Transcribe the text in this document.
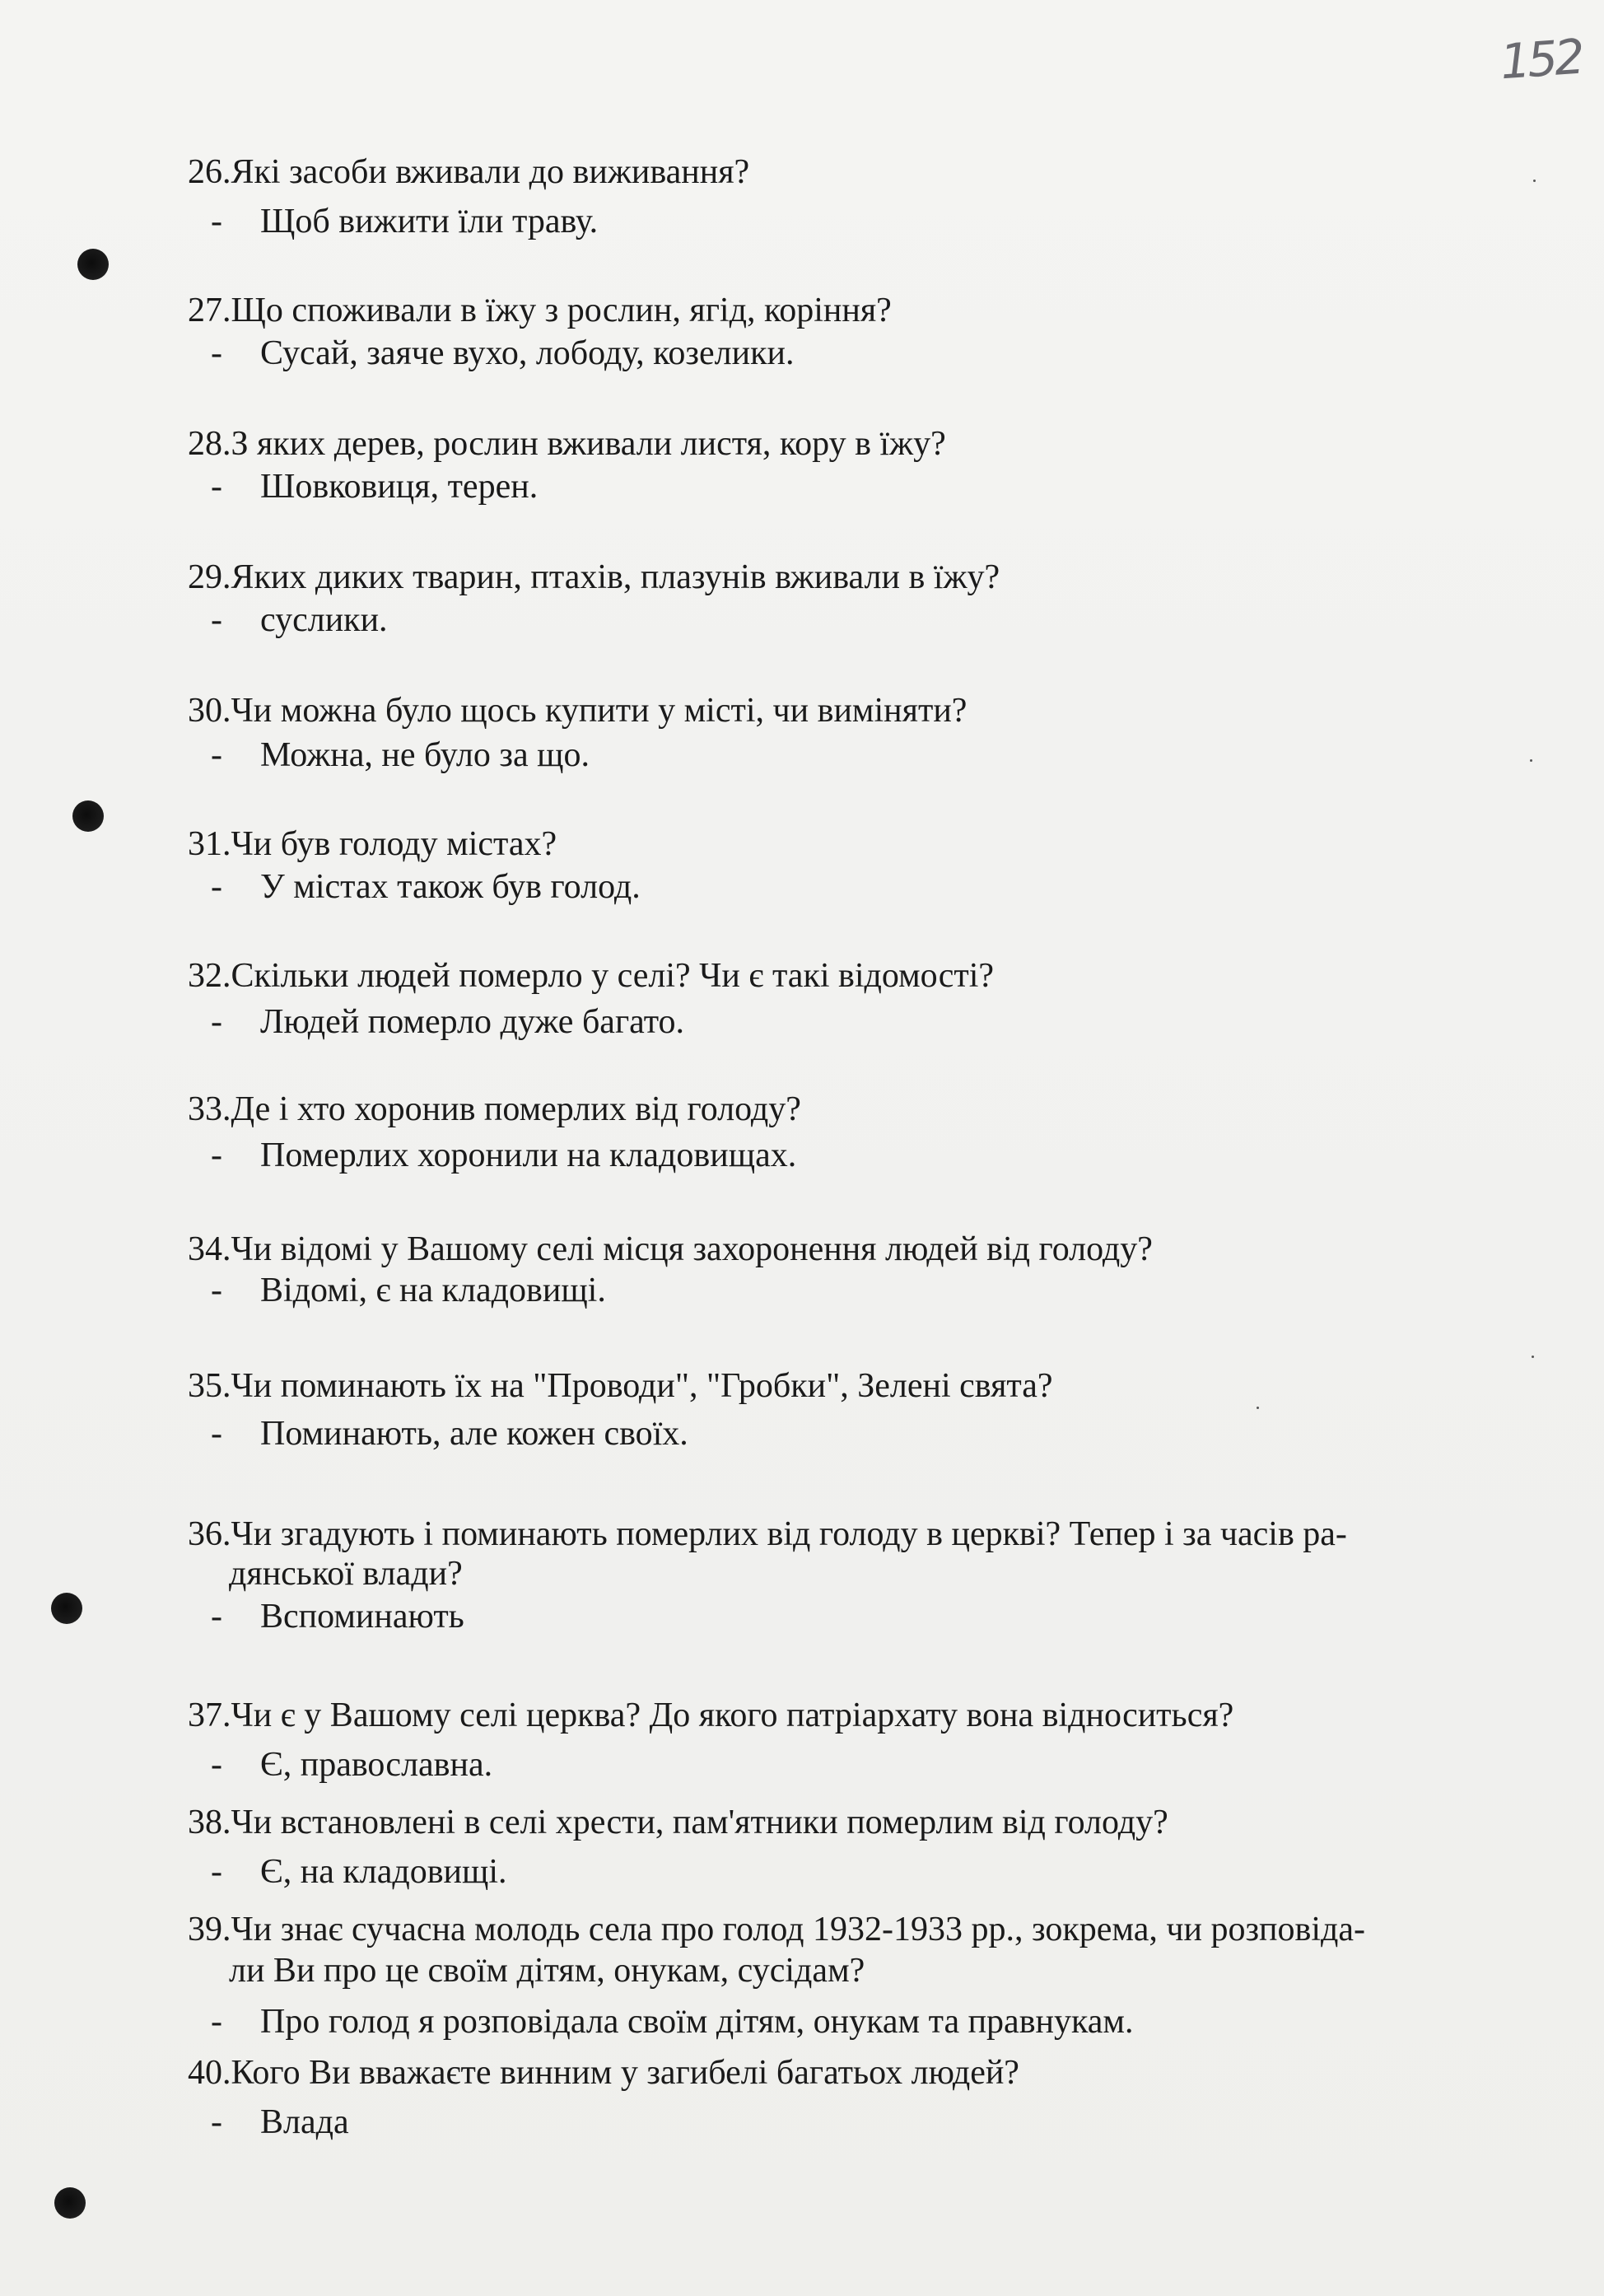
152
26.Які засоби вживали до виживання?
- Щоб вижити їли траву.
27.Що споживали в їжу з рослин, ягід, коріння?
- Сусай, заяче вухо, лободу, козелики.
28.З яких дерев, рослин вживали листя, кору в їжу?
- Шовковиця, терен.
29.Яких диких тварин, птахів, плазунів вживали в їжу?
- суслики.
30.Чи можна було щось купити у місті, чи виміняти?
- Можна, не було за що.
31.Чи був голоду містах?
- У містах також був голод.
32.Скільки людей померло у селі? Чи є такі відомості?
- Людей померло дуже багато.
33.Де і хто хоронив померлих від голоду?
- Померлих хоронили на кладовищах.
34.Чи відомі у Вашому селі місця захоронення людей від голоду?
- Відомі, є на кладовищі.
35.Чи поминають їх на "Проводи", "Гробки", Зелені свята?
- Поминають, але кожен своїх.
36.Чи згадують і поминають померлих від голоду в церкві? Тепер і за часів ра-
дянської влади?
- Вспоминають
37.Чи є у Вашому селі церква? До якого патріархату вона відноситься?
- Є, православна.
38.Чи встановлені в селі хрести, пам'ятники померлим від голоду?
- Є, на кладовищі.
39.Чи знає сучасна молодь села про голод 1932-1933 рр., зокрема, чи розповіда-
ли Ви про це своїм дітям, онукам, сусідам?
- Про голод я розповідала своїм дітям, онукам та правнукам.
40.Кого Ви вважаєте винним у загибелі багатьох людей?
- Влада
